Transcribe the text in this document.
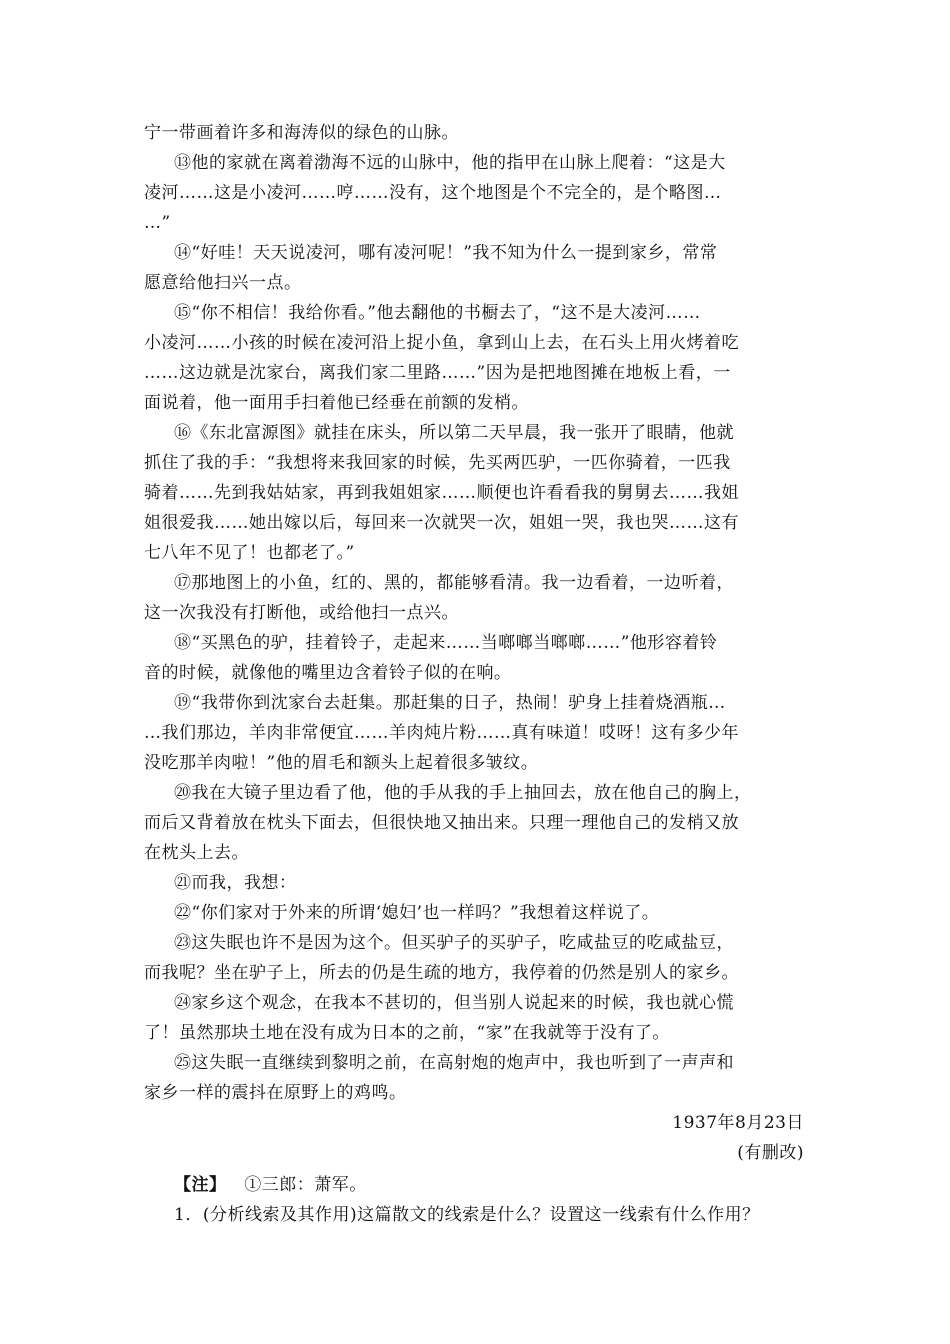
宁一带画着许多和海涛似的绿色的山脉。
⑬他的家就在离着渤海不远的山脉中，他的指甲在山脉上爬着：“这是大
凌河……这是小凌河……哼……没有，这个地图是个不完全的，是个略图…
…”
⑭“好哇！天天说凌河，哪有凌河呢！”我不知为什么一提到家乡，常常
愿意给他扫兴一点。
⑮“你不相信！我给你看。”他去翻他的书橱去了，“这不是大凌河……
小凌河……小孩的时候在凌河沿上捉小鱼，拿到山上去，在石头上用火烤着吃
……这边就是沈家台，离我们家二里路……”因为是把地图摊在地板上看，一
面说着，他一面用手扫着他已经垂在前额的发梢。
⑯《东北富源图》就挂在床头，所以第二天早晨，我一张开了眼睛，他就
抓住了我的手：“我想将来我回家的时候，先买两匹驴，一匹你骑着，一匹我
骑着……先到我姑姑家，再到我姐姐家……顺便也许看看我的舅舅去……我姐
姐很爱我……她出嫁以后，每回来一次就哭一次，姐姐一哭，我也哭……这有
七八年不见了！也都老了。”
⑰那地图上的小鱼，红的、黑的，都能够看清。我一边看着，一边听着，
这一次我没有打断他，或给他扫一点兴。
⑱“买黑色的驴，挂着铃子，走起来……当啷啷当啷啷……”他形容着铃
音的时候，就像他的嘴里边含着铃子似的在响。
⑲“我带你到沈家台去赶集。那赶集的日子，热闹！驴身上挂着烧酒瓶…
…我们那边，羊肉非常便宜……羊肉炖片粉……真有味道！哎呀！这有多少年
没吃那羊肉啦！”他的眉毛和额头上起着很多皱纹。
⑳我在大镜子里边看了他，他的手从我的手上抽回去，放在他自己的胸上，
而后又背着放在枕头下面去，但很快地又抽出来。只理一理他自己的发梢又放
在枕头上去。
㉑而我，我想：
㉒“你们家对于外来的所谓‘媳妇’也一样吗？”我想着这样说了。
㉓这失眠也许不是因为这个。但买驴子的买驴子，吃咸盐豆的吃咸盐豆，
而我呢？坐在驴子上，所去的仍是生疏的地方，我停着的仍然是别人的家乡。
㉔家乡这个观念，在我本不甚切的，但当别人说起来的时候，我也就心慌
了！虽然那块土地在没有成为日本的之前，“家”在我就等于没有了。
㉕这失眠一直继续到黎明之前，在高射炮的炮声中，我也听到了一声声和
家乡一样的震抖在原野上的鸡鸣。
1937年8月23日
(有删改)
【注】 ①三郎：萧军。
1．(分析线索及其作用)这篇散文的线索是什么？设置这一线索有什么作用？
